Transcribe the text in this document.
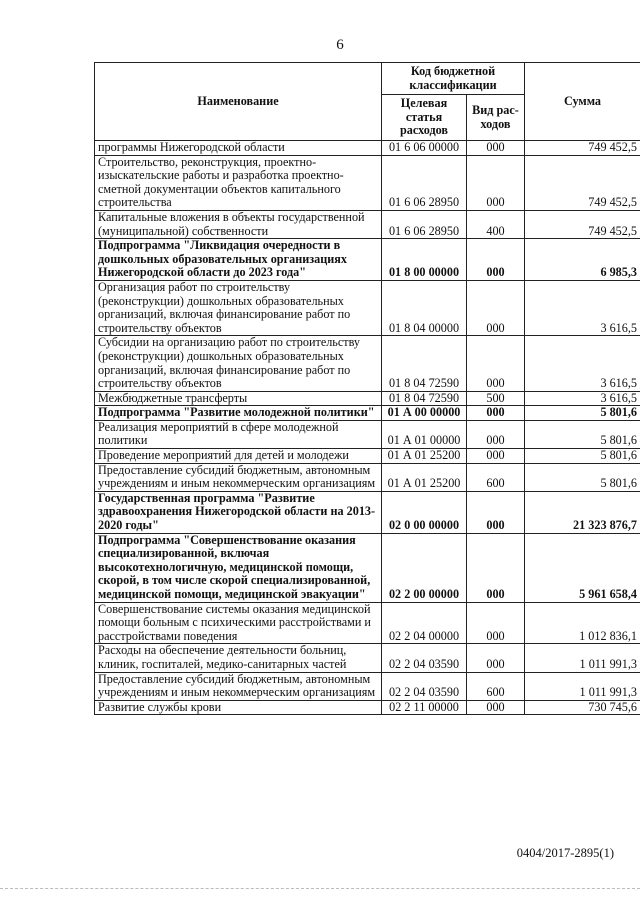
6
Наименование	Код бюджетной классификации		Сумма
	Целевая статья расходов	Вид рас- ходов	
программы Нижегородской области	01 6 06 00000	000	749 452,5
Строительство, реконструкция, проектно-изыскательские работы и разработка проектно-сметной документации объектов капитального строительства	01 6 06 28950	000	749 452,5
Капитальные вложения в объекты государственной (муниципальной) собственности	01 6 06 28950	400	749 452,5
Подпрограмма "Ликвидация очередности в дошкольных образовательных организациях Нижегородской области до 2023 года"	01 8 00 00000	000	6 985,3
Организация работ по строительству (реконструкции) дошкольных образовательных организаций, включая финансирование работ по строительству объектов	01 8 04 00000	000	3 616,5
Субсидии на организацию работ по строительству (реконструкции) дошкольных образовательных организаций, включая финансирование работ по строительству объектов	01 8 04 72590	000	3 616,5
Межбюджетные трансферты	01 8 04 72590	500	3 616,5
Подпрограмма "Развитие молодежной политики"	01 А 00 00000	000	5 801,6
Реализация мероприятий в сфере молодежной политики	01 А 01 00000	000	5 801,6
Проведение мероприятий для детей и молодежи	01 А 01 25200	000	5 801,6
Предоставление субсидий бюджетным, автономным учреждениям и иным некоммерческим организациям	01 А 01 25200	600	5 801,6
Государственная программа "Развитие здравоохранения Нижегородской области на 2013-2020 годы"	02 0 00 00000	000	21 323 876,7
Подпрограмма "Совершенствование оказания специализированной, включая высокотехнологичную, медицинской помощи, скорой, в том числе скорой специализированной, медицинской помощи, медицинской эвакуации"	02 2 00 00000	000	5 961 658,4
Совершенствование системы оказания медицинской помощи больным с психическими расстройствами и расстройствами поведения	02 2 04 00000	000	1 012 836,1
Расходы на обеспечение деятельности больниц, клиник, госпиталей, медико-санитарных частей	02 2 04 03590	000	1 011 991,3
Предоставление субсидий бюджетным, автономным учреждениям и иным некоммерческим организациям	02 2 04 03590	600	1 011 991,3
Развитие службы крови	02 2 11 00000	000	730 745,6
0404/2017-2895(1)
